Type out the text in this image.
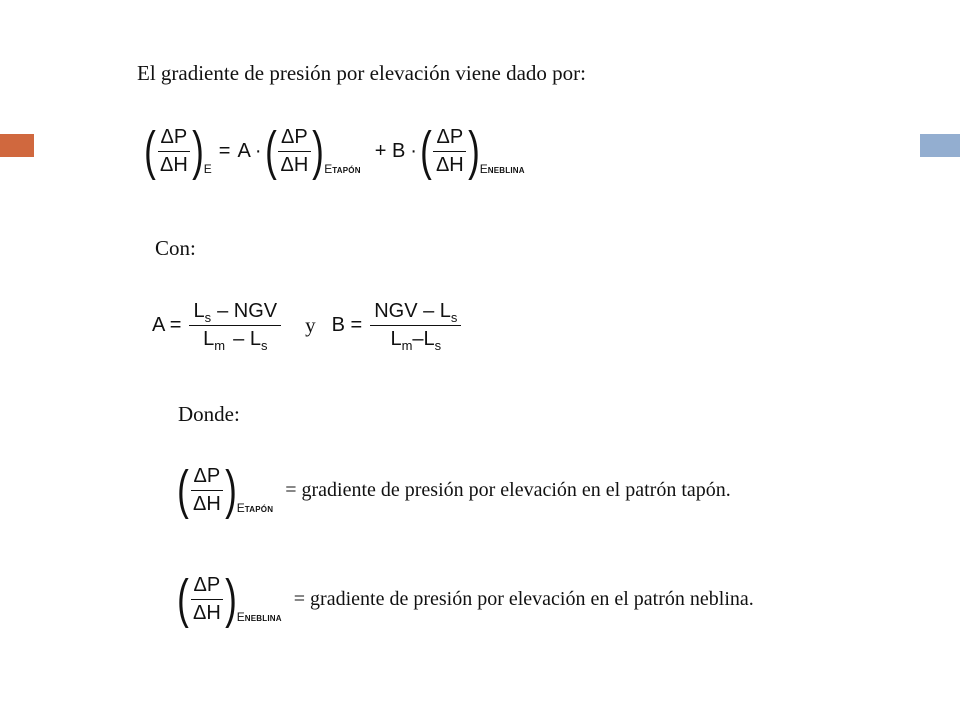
El gradiente de presión por elevación viene dado por:
( $\frac{\Delta P}{\Delta H}$ ) E
= A · ( $\frac{\Delta P}{\Delta H}$ ) ETAPÓN
+ B · ( $\frac{\Delta P}{\Delta H}$ ) ENEBLINA
Con:
$A = \frac{L_s - NGV}{L_m - L_s}$ y $B = \frac{NGV - L_s}{L_m-L_s}$
Donde:
( $\frac{\Delta P}{\Delta H}$ ) ETAPÓN
= gradiente de presión por elevación en el patrón tapón.
( $\frac{\Delta P}{\Delta H}$ ) ENEBLINA
= gradiente de presión por elevación en el patrón neblina.
